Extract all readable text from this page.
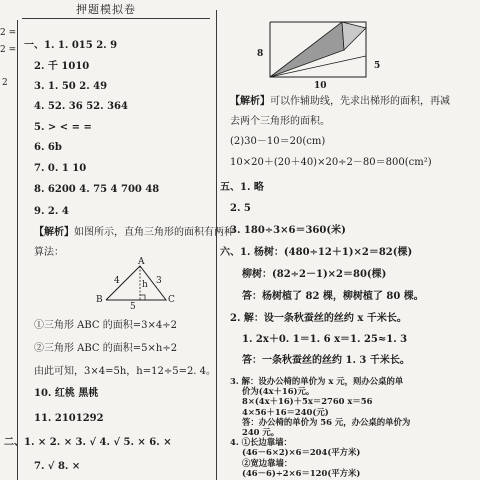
2 =
2 =
2
押题模拟卷
一、1. 1. 015 2. 9
2. 千 1010
3. 1. 50 2. 49
4. 52. 36 52. 364
5. > < = =
6. 6b
7. 0. 1 10
8. 6200 4. 75 4 700 48
9. 2. 4
【解析】如图所示，直角三角形的面积有两种
算法：
A
B	C
4 h 3
5
①三角形 ABC 的面积=3×4÷2
②三角形 ABC 的面积=5×h÷2
由此可知，3×4=5h，h=12÷5=2. 4。
10. 红桃 黑桃
11. 2101292
二、1. × 2. × 3. √ 4. √ 5. × 6. ×
7. √ 8. ×
8
10
5
【解析】可以作辅助线，先求出梯形的面积，再减
去两个三角形的面积。
(2)30－10＝20(cm)
10×20＋(20＋40)×20÷2－80＝800(cm²)
五、1. 略
2. 5
3. 180÷3×6＝360(米)
六、1. 杨树：(480÷12＋1)×2＝82(棵)
柳树：(82÷2－1)×2＝80(棵)
答：杨树植了 82 棵，柳树植了 80 棵。
2. 解：设一条秋蚕丝的丝约 x 千米长。
1. 2x＋0. 1＝1. 6 x＝1. 25≈1. 3
答：一条秋蚕丝的丝约 1. 3 千米长。
3. 解：设办公椅的单价为 x 元，则办公桌的单
价为(4x＋16)元。
8×(4x＋16)＋5x＝2760 x＝56
4×56＋16＝240(元)
答：办公椅的单价为 56 元，办公桌的单价为
240 元。
4. ①长边靠墙：
(46－6×2)×6＝204(平方米)
②宽边靠墙：
(46－6)÷2×6＝120(平方米)
